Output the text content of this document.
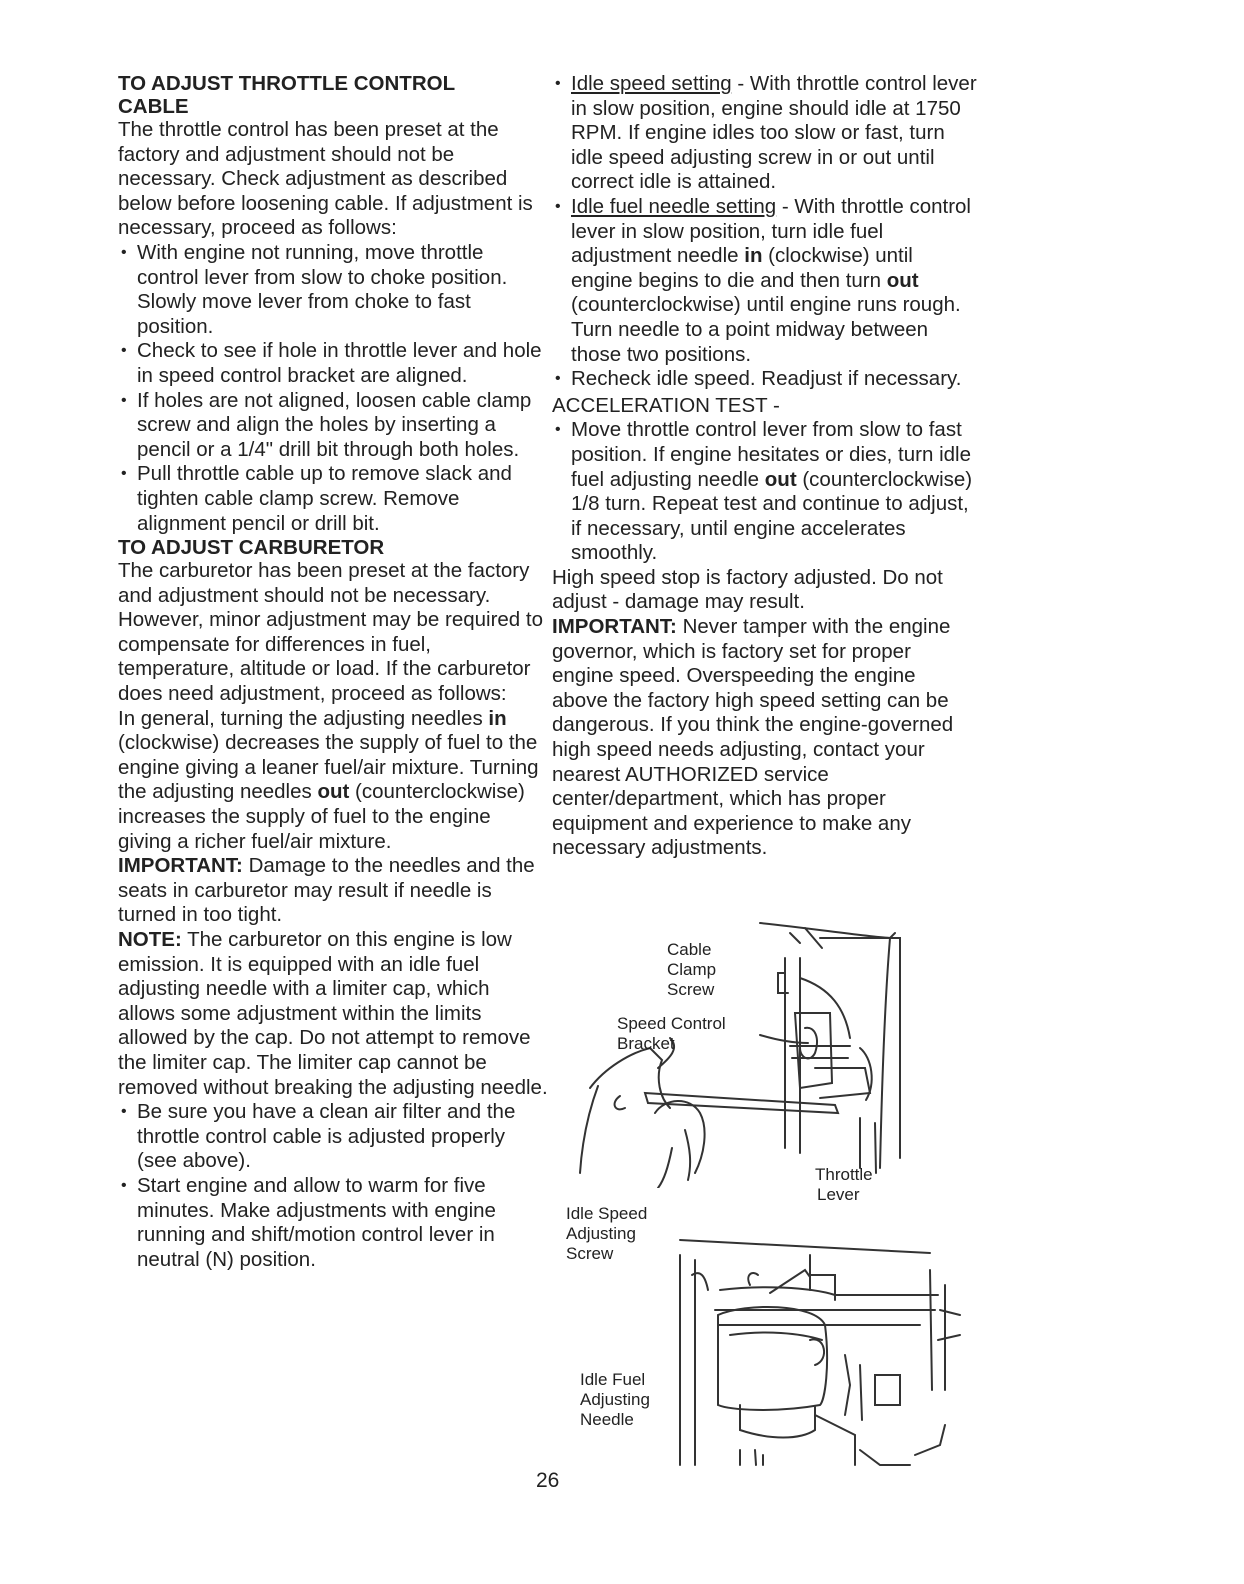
TO ADJUST THROTTLE CONTROL CABLE

The throttle control has been preset at the factory and adjustment should not be necessary. Check adjustment as described below before loosening cable. If adjustment is necessary, proceed as follows:

• With engine not running, move throttle control lever from slow to choke position. Slowly move lever from choke to fast position.
• Check to see if hole in throttle lever and hole in speed control bracket are aligned.
• If holes are not aligned, loosen cable clamp screw and align the holes by inserting a pencil or a 1/4" drill bit through both holes.
• Pull throttle cable up to remove slack and tighten cable clamp screw. Remove alignment pencil or drill bit.
TO ADJUST CARBURETOR

The carburetor has been preset at the factory and adjustment should not be necessary. However, minor adjustment may be required to compensate for differences in fuel, temperature, altitude or load. If the carburetor does need adjustment, proceed as follows:

In general, turning the adjusting needles in (clockwise) decreases the supply of fuel to the engine giving a leaner fuel/air mixture. Turning the adjusting needles out (counterclockwise) increases the supply of fuel to the engine giving a richer fuel/air mixture.

IMPORTANT: Damage to the needles and the seats in carburetor may result if needle is turned in too tight.

NOTE: The carburetor on this engine is low emission. It is equipped with an idle fuel adjusting needle with a limiter cap, which allows some adjustment within the limits allowed by the cap. Do not attempt to remove the limiter cap. The limiter cap cannot be removed without breaking the adjusting needle.

• Be sure you have a clean air filter and the throttle control cable is adjusted properly (see above).
• Start engine and allow to warm for five minutes. Make adjustments with engine running and shift/motion control lever in neutral (N) position.
• Idle speed setting - With throttle control lever in slow position, engine should idle at 1750 RPM. If engine idles too slow or fast, turn idle speed adjusting screw in or out until correct idle is attained.
• Idle fuel needle setting - With throttle control lever in slow position, turn idle fuel adjustment needle in (clockwise) until engine begins to die and then turn out (counterclockwise) until engine runs rough. Turn needle to a point midway between those two positions.
• Recheck idle speed. Readjust if necessary.
ACCELERATION TEST -
• Move throttle control lever from slow to fast position. If engine hesitates or dies, turn idle fuel adjusting needle out (counterclockwise) 1/8 turn. Repeat test and continue to adjust, if necessary, until engine accelerates smoothly.

High speed stop is factory adjusted. Do not adjust - damage may result.

IMPORTANT: Never tamper with the engine governor, which is factory set for proper engine speed. Overspeeding the engine above the factory high speed setting can be dangerous. If you think the engine-governed high speed needs adjusting, contact your nearest AUTHORIZED service center/department, which has proper equipment and experience to make any necessary adjustments.

Cable
Clamp
Screw
Speed Control
Bracket
Throttle
Lever
Idle Speed
Adjusting
Screw
Idle Fuel
Adjusting
Needle
26
